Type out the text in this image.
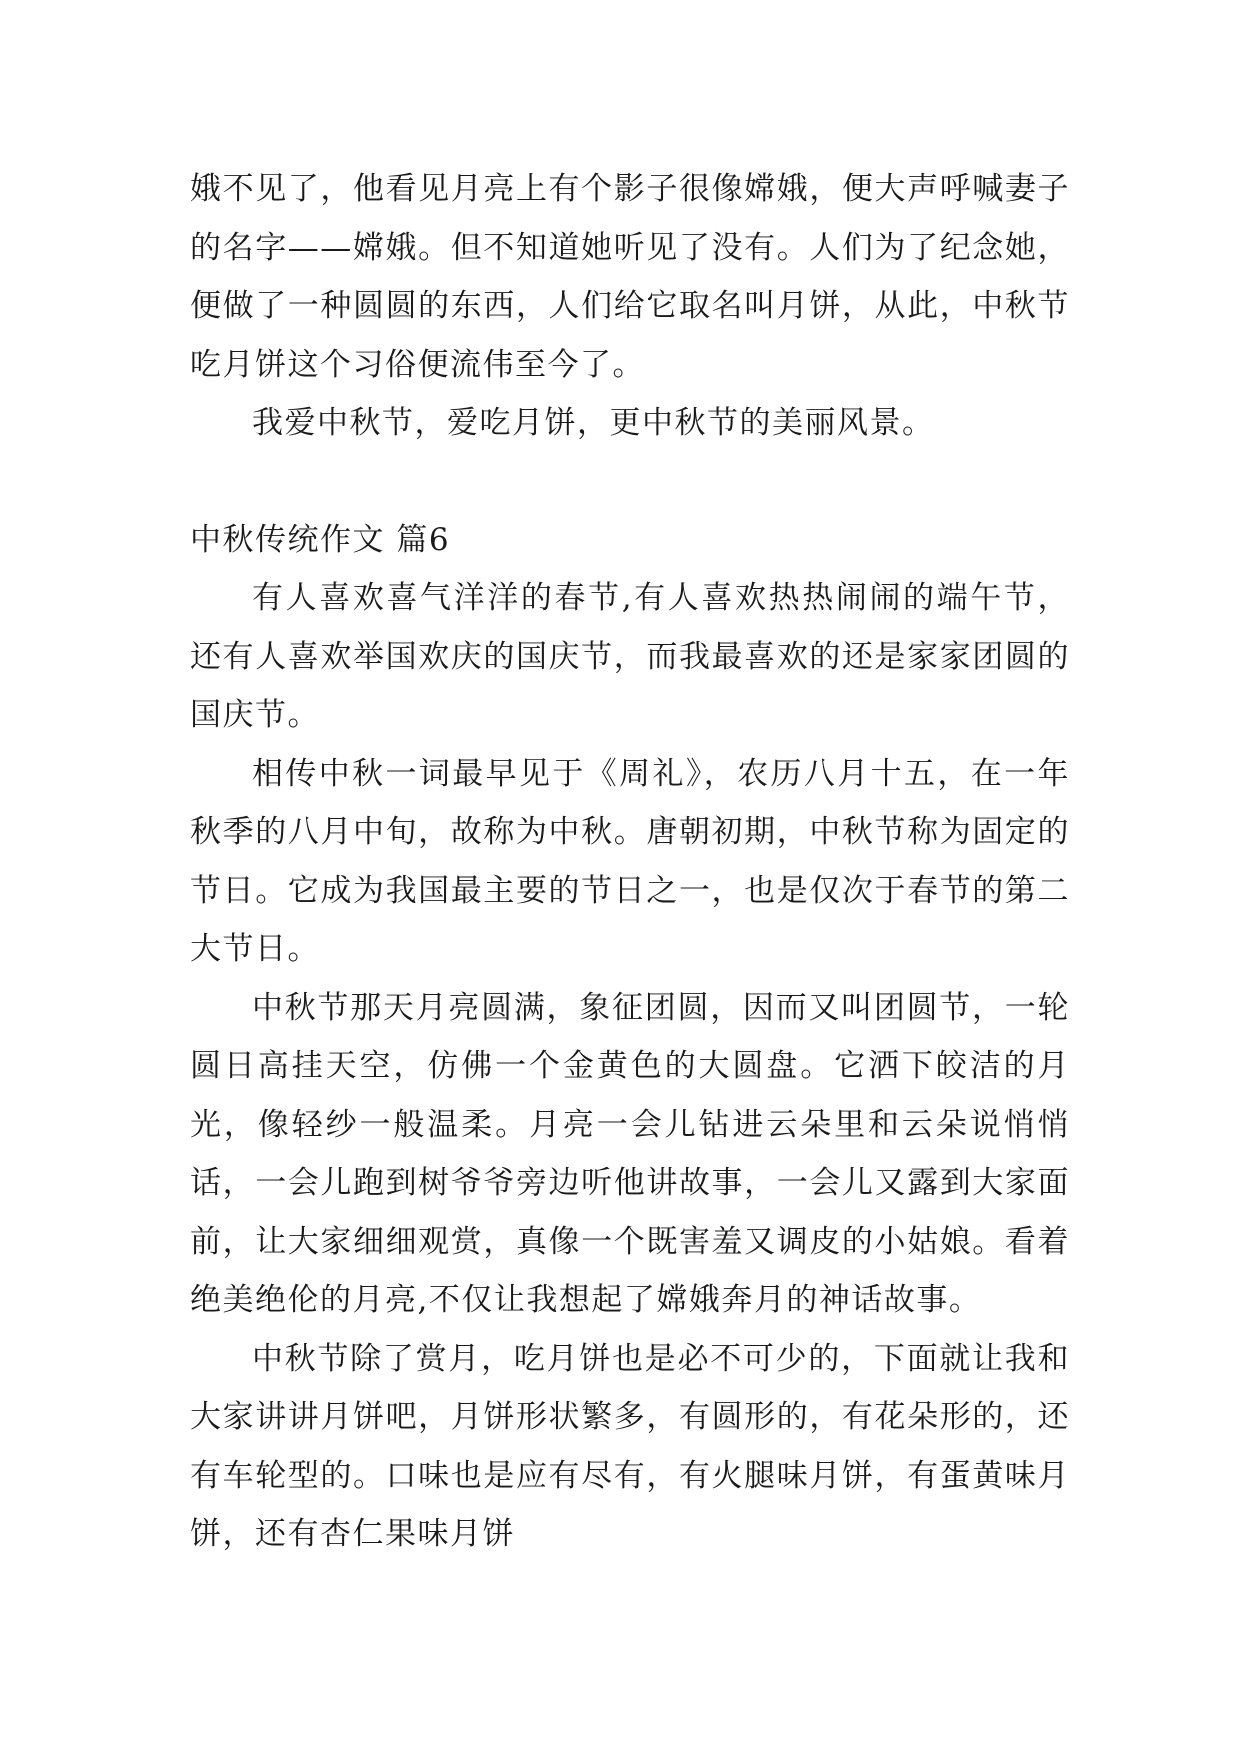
娥不见了，他看见月亮上有个影子很像嫦娥，便大声呼喊妻子的名字——嫦娥。但不知道她听见了没有。人们为了纪念她，便做了一种圆圆的东西，人们给它取名叫月饼，从此，中秋节吃月饼这个习俗便流伟至今了。

我爱中秋节，爱吃月饼，更中秋节的美丽风景。

中秋传统作文 篇6

有人喜欢喜气洋洋的春节,有人喜欢热热闹闹的端午节，还有人喜欢举国欢庆的国庆节，而我最喜欢的还是家家团圆的国庆节。

相传中秋一词最早见于《周礼》，农历八月十五，在一年秋季的八月中旬，故称为中秋。唐朝初期，中秋节称为固定的节日。它成为我国最主要的节日之一，也是仅次于春节的第二大节日。

中秋节那天月亮圆满，象征团圆，因而又叫团圆节，一轮圆日高挂天空，仿佛一个金黄色的大圆盘。它洒下皎洁的月光，像轻纱一般温柔。月亮一会儿钻进云朵里和云朵说悄悄话，一会儿跑到树爷爷旁边听他讲故事，一会儿又露到大家面前，让大家细细观赏，真像一个既害羞又调皮的小姑娘。看着绝美绝伦的月亮,不仅让我想起了嫦娥奔月的神话故事。

中秋节除了赏月，吃月饼也是必不可少的，下面就让我和大家讲讲月饼吧，月饼形状繁多，有圆形的，有花朵形的，还有车轮型的。口味也是应有尽有，有火腿味月饼，有蛋黄味月饼，还有杏仁果味月饼
